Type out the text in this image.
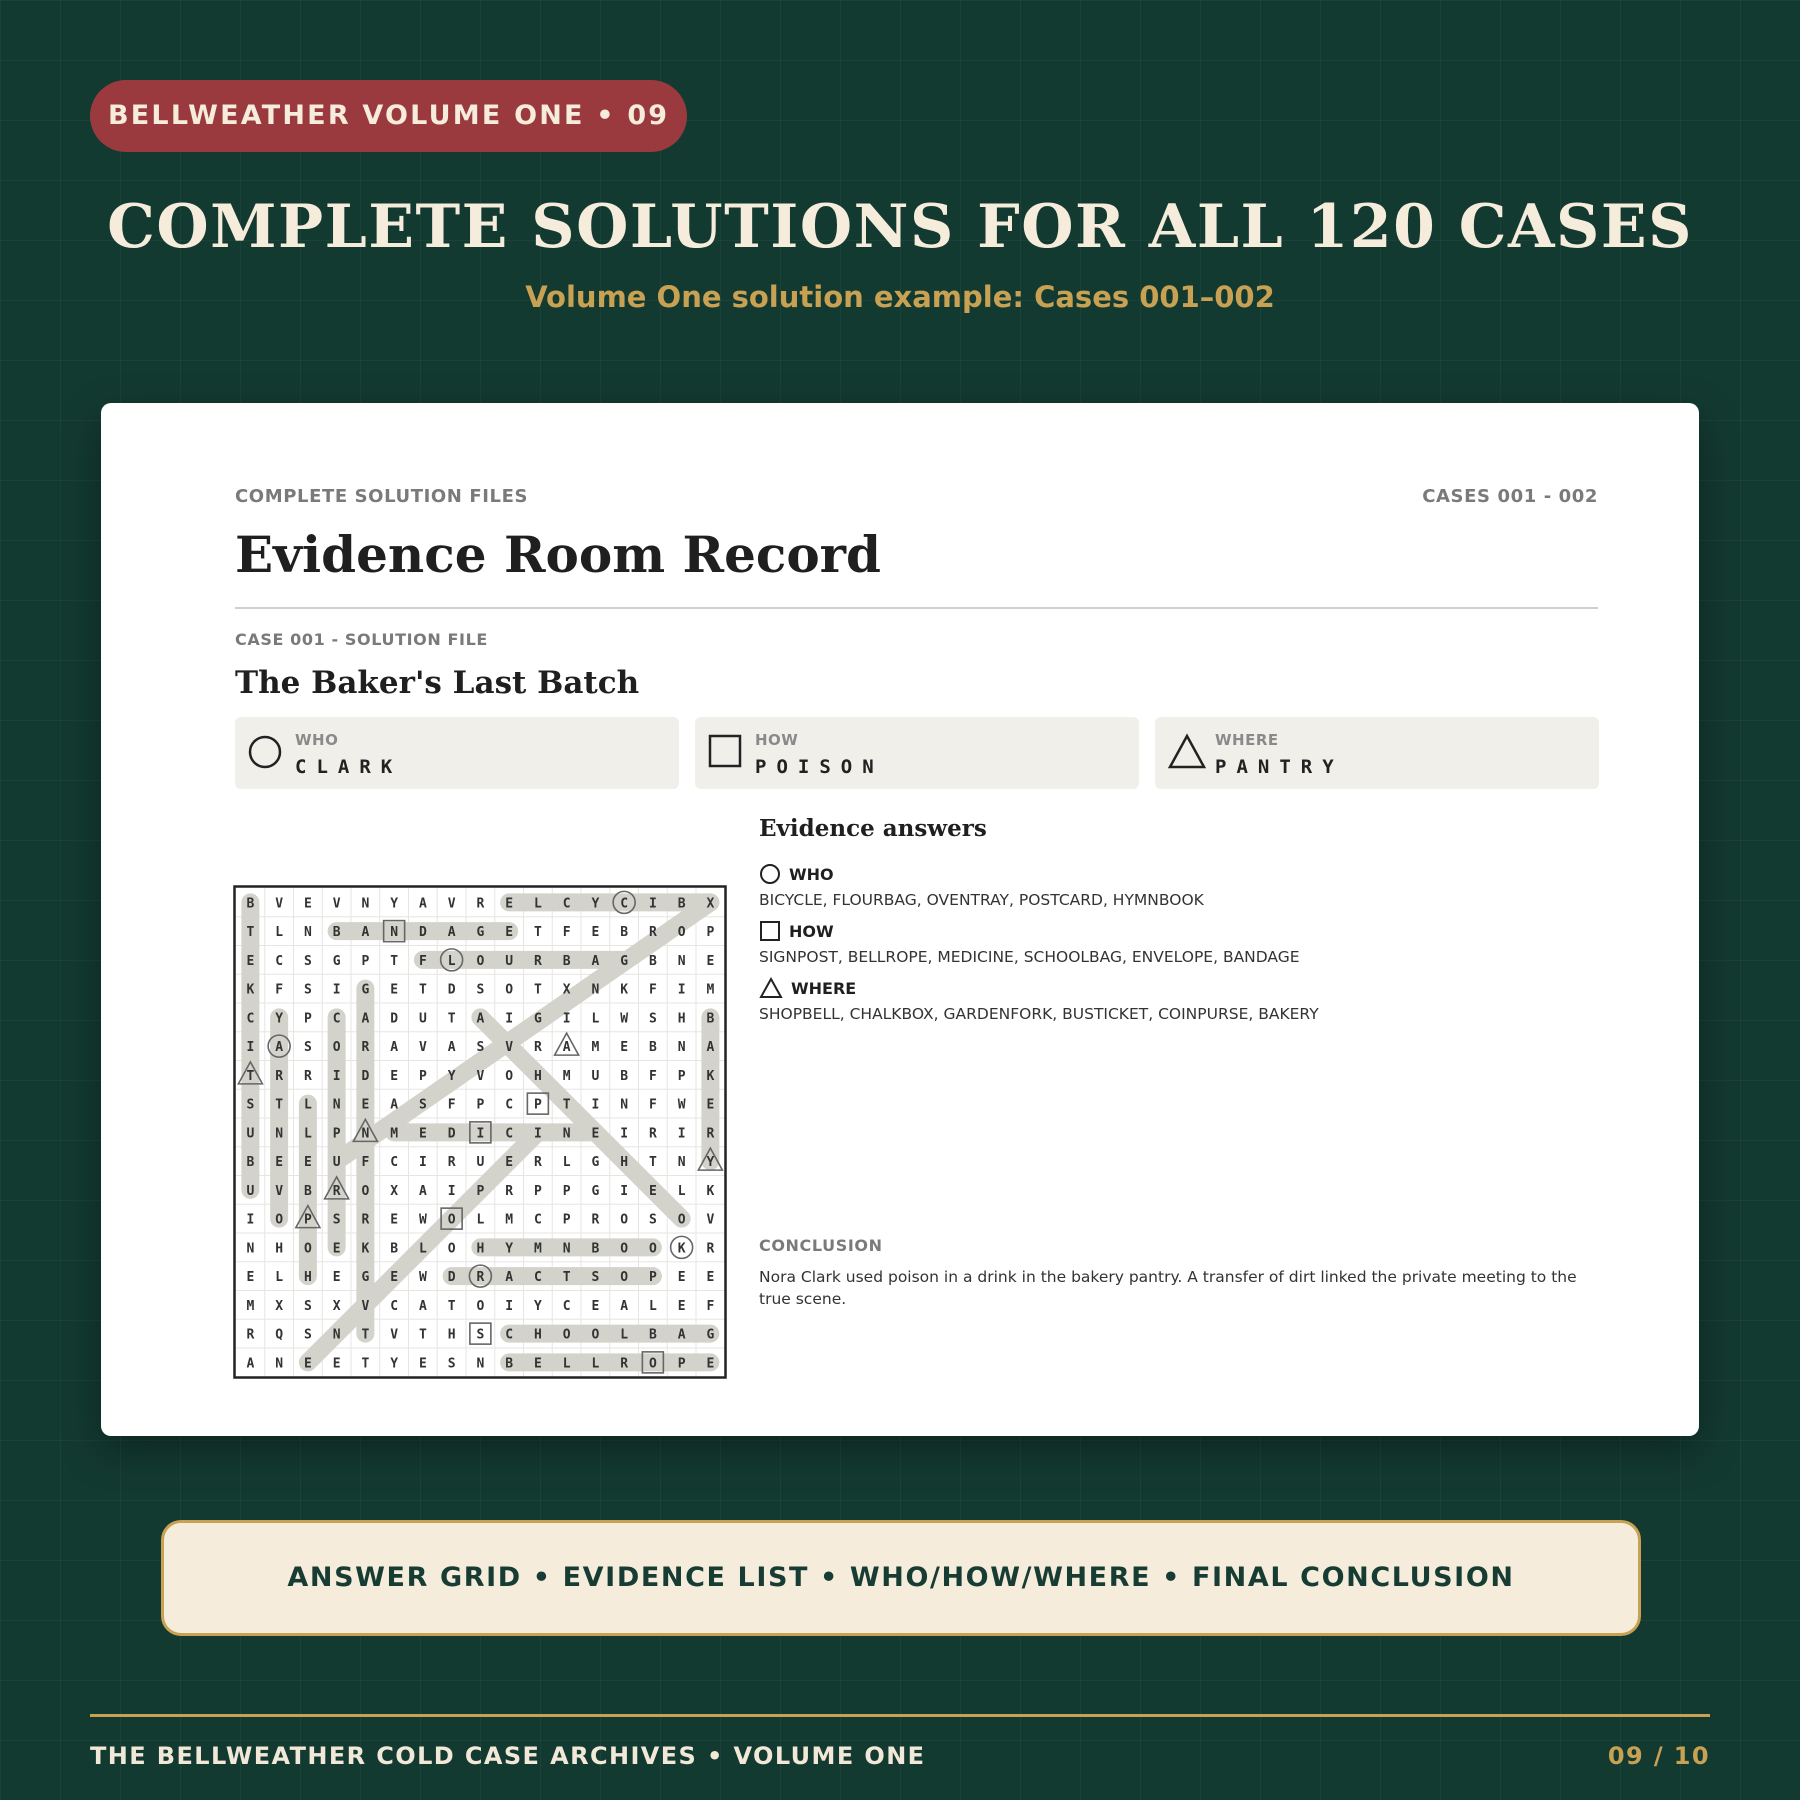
BELLWEATHER VOLUME ONE • 09
COMPLETE SOLUTIONS FOR ALL 120 CASES

Volume One solution example: Cases 001–002

COMPLETE SOLUTION FILES	CASES 001 - 002
Evidence Room Record
CASE 001 - SOLUTION FILE
The Baker's Last Batch
WHO
CLARK
HOW
POISON
WHERE
PANTRY
B V E V N Y A V R E L C Y C I B X
T L N B A N D A G E T F E B R O P
E C S G P T F L O U R B A G B N E
K F S I G E T D S O T X N K F I M
C Y P C A D U T A I G I L W S H B
I A S O R A V A S V R A M E B N A
T R R I D E P Y V O H M U B F P K
S T L N E A S F P C P T I N F W E
U N L P N M E D I C I N E I R I R
B E E U F C I R U E R L G H T N Y
U V B R O X A I P R P P G I E L K
I O P S R E W O L M C P R O S O V
N H O E K B L O H Y M N B O O K R
E L H E G E W D R A C T S O P E E
M X S X V C A T O I Y C E A L E F
R Q S N T V T H S C H O O L B A G
A N E E T Y E S N B E L L R O P E
Evidence answers
WHO
BICYCLE, FLOURBAG, OVENTRAY, POSTCARD, HYMNBOOK
HOW
SIGNPOST, BELLROPE, MEDICINE, SCHOOLBAG, ENVELOPE, BANDAGE
WHERE
SHOPBELL, CHALKBOX, GARDENFORK, BUSTICKET, COINPURSE, BAKERY
CONCLUSION

Nora Clark used poison in a drink in the bakery pantry. A transfer of dirt linked the private meeting to the true scene.

ANSWER GRID • EVIDENCE LIST • WHO/HOW/WHERE • FINAL CONCLUSION
THE BELLWEATHER COLD CASE ARCHIVES • VOLUME ONE	09 / 10
